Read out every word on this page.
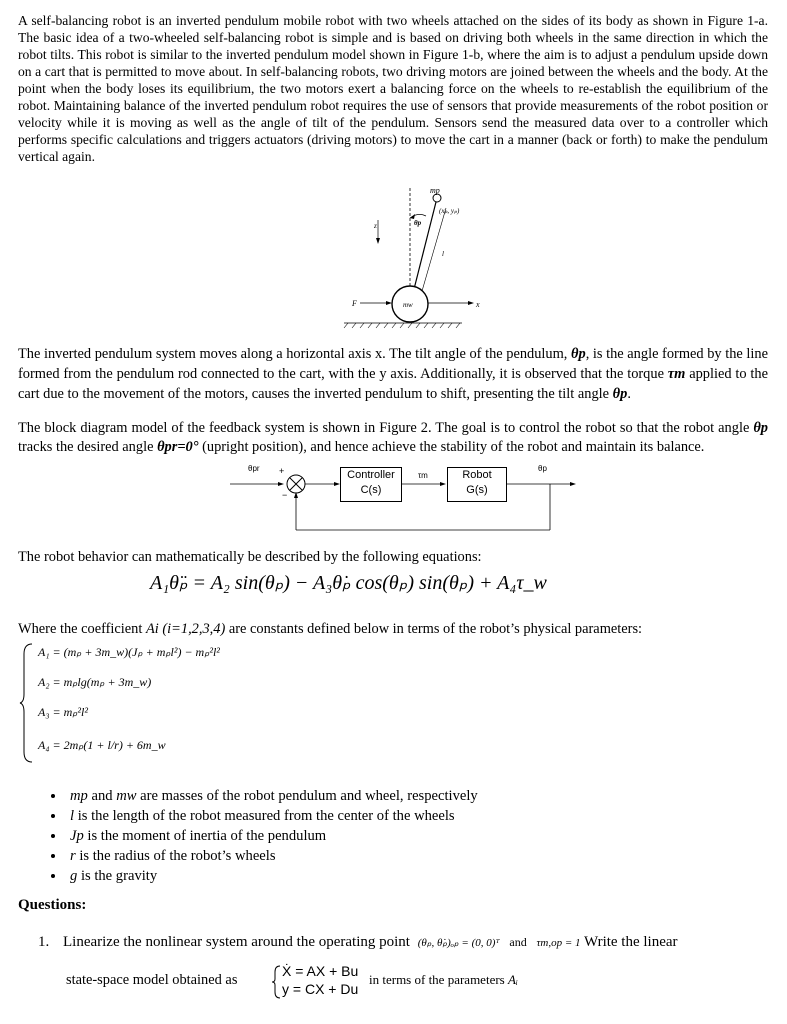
A self-balancing robot is an inverted pendulum mobile robot with two wheels attached on the sides of its body as shown in Figure 1-a. The basic idea of a two-wheeled self-balancing robot is simple and is based on driving both wheels in the same direction in which the robot tilts. This robot is similar to the inverted pendulum model shown in Figure 1-b, where the aim is to adjust a pendulum upside down on a cart that is permitted to move about. In self-balancing robots, two driving motors are joined between the wheels and the body. At the point when the body loses its equilibrium, the two motors exert a balancing force on the wheels to re-establish the equilibrium of the robot. Maintaining balance of the inverted pendulum robot requires the use of sensors that provide measurements of the robot position or velocity while it is moving as well as the angle of tilt of the pendulum. Sensors send the measured data over to a controller which performs specific calculations and triggers actuators (driving motors) to move the cart in a manner (back or forth) to make the pendulum vertical again.

mp
(xₚ, yₚ)
θp
z
l
F	mw	x

The inverted pendulum system moves along a horizontal axis x. The tilt angle of the pendulum, θp, is the angle formed by the line formed from the pendulum rod connected to the cart, with the y axis. Additionally, it is observed that the torque τm applied to the cart due to the movement of the motors, causes the inverted pendulum to shift, presenting the tilt angle θp.

The block diagram model of the feedback system is shown in Figure 2. The goal is to control the robot so that the robot angle θp tracks the desired angle θpr=0° (upright position), and hence achieve the stability of the robot and maintain its balance.

θpr +
−
Controller
C(s)
τm	Robot
G(s)
θp
The robot behavior can mathematically be described by the following equations:
A₁θ̈ₚ = A₂ sin(θₚ) − A₃θ̇ₚ cos(θₚ) sin(θₚ) + A₄τ_w
Where the coefficient Ai (i=1,2,3,4) are constants defined below in terms of the robot’s physical parameters:
A₁ = (mₚ + 3m_w)(Jₚ + mₚl²) − mₚ²l²
A₂ = mₚlg(mₚ + 3m_w)
A₃ = mₚ²l²
A₄ = 2mₚ(1 + l/r) + 6m_w
• mp and mw are masses of the robot pendulum and wheel, respectively
• l is the length of the robot measured from the center of the wheels
• Jp is the moment of inertia of the pendulum
• r is the radius of the robot’s wheels
• g is the gravity
Questions:
1. Linearize the nonlinear system around the operating point (θₚ, θ̇ₚ)ₒₚ = (0, 0)ᵀ and τm,op = 1 Write the linear
state-space model obtained as
Ẋ = AX + Bu
y = CX + Du
in terms of the parameters Aᵢ
